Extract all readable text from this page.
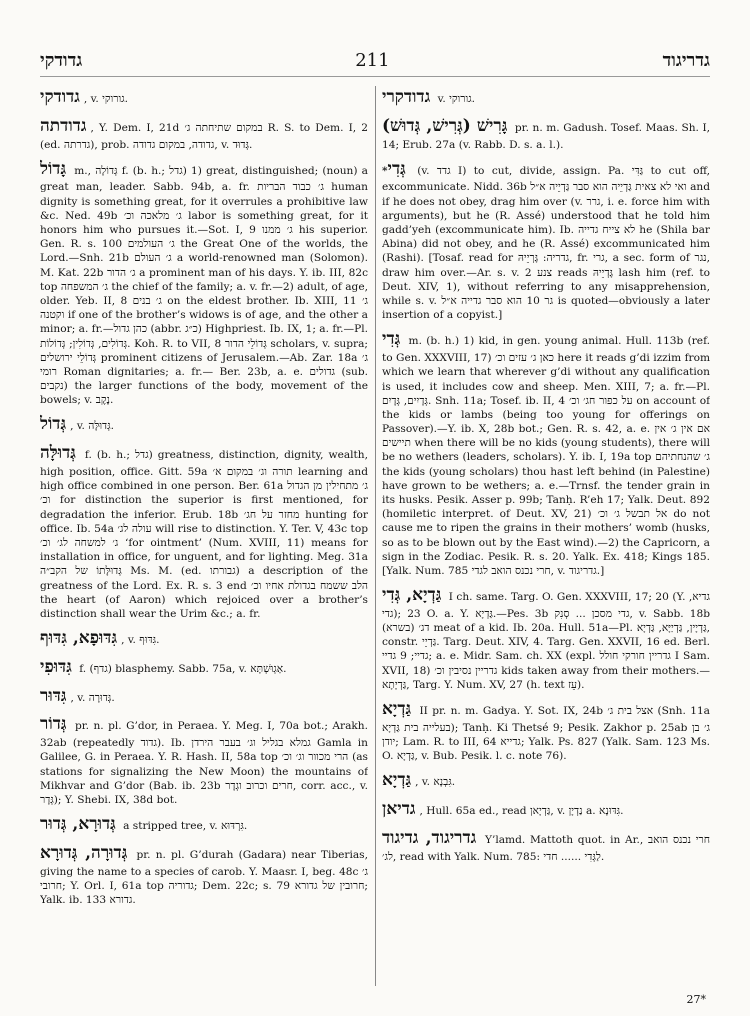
גדודקי	211	גדריגוד

גדודקי , v. גורוקי.

גדודתה , Y. Dem. I, 21d במקום שתיחתה ג׳ R. S. to Dem. I, 2 (ed. גדרתה), prob. גדודה, במקום גדודה, v. גְּדוּד.

גָּדוֹל m., גְּדוֹלָה f. (b. h.; גדל) 1) great, distinguished; (noun) a great man, leader. Sabb. 94b, a. fr. ג׳ כבוד הבריות human dignity is something great, for it overrules a prohibitive law &c. Ned. 49b ג׳ מלאכה וכ׳ labor is something great, for it honors him who pursues it.—Sot. I, 9 ג׳ ממנו his superior. Gen. R. s. 100 ג׳ העולמים the Great One of the worlds, the Lord.—Snh. 21b ג׳ העולם a world-renowned man (Solomon). M. Kat. 22b ג׳ הדור a prominent man of his days. Y. ib. III, 82c top ג׳ המשפחה the chief of the family; a. v. fr.—2) adult, of age, older. Yeb. II, 8 ג׳ בנים on the eldest brother. Ib. XIII, 11 ג׳ וקטנה if one of the brother’s widows is of age, and the other a minor; a. fr.—כהן גדול (abbr. כ״ג) Highpriest. Ib. IX, 1; a. fr.—Pl. גְּדוֹלִים, גְּדוֹלִין; גְּדוֹלוֹת. Koh. R. to VII, 8 גְּדוֹלֵי הדור scholars, v. supra; גְּדוֹלֵי ירושלים prominent citizens of Jerusalem.—Ab. Zar. 18a ג׳ רומי Roman dignitaries; a. fr.— Ber. 23b, a. e. גדולים (sub. נקבים) the larger functions of the body, movement of the bowels; v. נֶקֶב.

גְּדוֹל , v. גְּדוּלָּה.

גְּדוּלָּה f. (b. h.; גדל) greatness, distinction, dignity, wealth, high position, office. Gitt. 59a תורה וג׳ במקום א׳ learning and high office combined in one person. Ber. 61a ג׳ מתחילין מן הגדול וכ׳ for distinction the superior is first mentioned, for degradation the inferior. Erub. 18b מחזר על חג׳ hunting for office. Ib. 54a עולה לג׳ will rise to distinction. Y. Ter. V, 43c top ג׳ למשחה לג׳ וכ׳ ‘for ointment’ (Num. XVIII, 11) means for installation in office, for unguent, and for lighting. Meg. 31a גְּדוּלָּתוֹ של הקב״ה Ms. M. (ed. גבורתו) a description of the greatness of the Lord. Ex. R. s. 3 end הלב ששמח בגדולת אחיו וכ׳ the heart (of Aaron) which rejoiced over a brother’s distinction shall wear the Urim &c.; a. fr.

גִּדּוּפָא, גִּדּוּף , v. גִּדּוּף.

גִּדּוּפִי f. (גדף) blasphemy. Sabb. 75a, v. אַגְוּשְׁתָּא.

גִּדּוּר , v. גְּדוּרָה.

גְּדוֹר pr. n. pl. G’dor, in Peraea. Y. Meg. I, 70a bot.; Arakh. 32ab (repeatedly גדוד). Ib. גמלא בגליל וג׳ בעבר הירדן Gamla in Galilee, G. in Peraea. Y. R. Hash. II, 58a top הרי מכוור וג׳ וכ׳ (as stations for signalizing the New Moon) the mountains of Mikhvar and G’dor (Bab. ib. 23b חרים וכרוב וגְדָר, corr. acc., v. גְּדָר); Y. Shebi. IX, 38d bot.

גְּדוּרָא, גְּדוּר a stripped tree, v. גִּרְדּוּא.

גְּדוּרָה, גְּדוּרָא pr. n. pl. G’durah (Gadara) near Tiberias, giving the name to a species of carob. Y. Maasr. I, beg. 48c ג׳ חרובי; Y. Orl. I, 61a top גדוריה; Dem. 22c; s. 79 חרובין של גדורא; Yalk. ib. 133 גדורא.

גדודקרי v. גורוקי.

גָּרִישׁ (גְּרִישׁ, גְּדוּשׁ) pr. n. m. Gadush. Tosef. Maas. Sh. I, 14; Erub. 27a (v. Rabb. D. s. a. l.).

*גְּדִי (v. גדד I) to cut, divide, assign. Pa. גַּדִּי to cut off, excommunicate. Nidd. 36b ואי לא צאית גַּדְיֵיה הוא סבר גַּדְיֵיה א״ל and if he does not obey, drag him over (v. גרר, i. e. force him with arguments), but he (R. Assé) understood that he told him gadd’yeh (excommunicate him). Ib. לא צייח גדייה he (Shila bar Abina) did not obey, and he (R. Assé) excommunicated him (Rashi). [Tosaf. read for גדריה: גָּרְיֵיהּ, fr. גרי, a sec. form of נגר, draw him over.—Ar. s. v. צנע 2 reads גָּדְיֵיהּ lash him (ref. to Deut. XIV, 1), without referring to any misapprehension, while s. v. גר 10 הוא סבר גדייה א״ל is quoted—obviously a later insertion of a copyist.]

גְּדִי m. (b. h.) 1) kid, in gen. young animal. Hull. 113b (ref. to Gen. XXXVIII, 17) כאן ג׳ עזים וכ׳ here it reads g’di izzim from which we learn that wherever g’di without any qualification is used, it includes cow and sheep. Men. XIII, 7; a. fr.—Pl. גְּדָיִים, גְּדָיִם. Snh. 11a; Tosef. ib. II, 4 על כפור חג׳ וכ׳ on account of the kids or lambs (being too young for offerings on Passover).—Y. ib. X, 28b bot.; Gen. R. s. 42, a. e. אם אין ג׳ אין תיישים when there will be no kids (young students), there will be no wethers (leaders, scholars). Y. ib. I, 19a top ג׳ שהנחתיהם the kids (young scholars) thou hast left behind (in Palestine) have grown to be wethers; a. e.—Trnsf. the tender grain in its husks. Pesik. Asser p. 99b; Tanḥ. R’eh 17; Yalk. Deut. 892 (homiletic interpret. of Deut. XV, 21) אל תבשל ג׳ וכ׳ do not cause me to ripen the grains in their mothers’ womb (husks, so as to be blown out by the East wind).—2) the Capricorn, a sign in the Zodiac. Pesik. R. s. 20. Yalk. Ex. 418; Kings 185. [Yalk. Num. 785 חרי נכנס הואב לגדי, v. גדריגוד.]

גַּדְיָא, גְּדִי I ch. same. Targ. O. Gen. XXXVIII, 17; 20 (Y. גדיא, גדי); 23 O. a. Y. גַּדְיָא.—Pes. 3b גדי מסכן ... סְנִק, v. Sabb. 18b (בשרא) דג׳ meat of a kid. Ib. 20a. Hull. 51a—Pl. גַּדְיָין, גַּדְיַיָּא, גַּדְיָא, constr. גַּדְיֵי. Targ. Deut. XIV, 4. Targ. Gen. XXVII, 16 ed. Berl. גדיי; 9 גדיי; a. e. Midr. Sam. ch. XX (expl. גדריין חורקי חולל I Sam. XVII, 18) גדריין נסיבין וכ׳ kids taken away from their mothers.—גַּדְיָתָא, Targ. Y. Num. XV, 27 (h. text עֵז).

גַּדְיָא II pr. n. m. Gadya. Y. Sot. IX, 24b אצל בית ג׳ (Snh. 11a בעלייה בית גַּדְיָא); Tanḥ. Ki Thetsé 9; Pesik. Zakhor p. 25ab ג׳ בן יודן; Lam. R. to III, 64 גדייא; Yalk. Ps. 827 (Yalk. Sam. 123 Ms. O. גַּדְיָא, v. Bub. Pesik. l. c. note 76).

גַּדְיָא , v. גִּבְנָא.

גדיאן , Hull. 65a ed., read גַּדְיָאן, v. נַדְיָן a. גִּדּוּנָא.

גדריגוד, גדיגוד Y’lamd. Mattoth quot. in Ar., חרי נכנס הואב לג׳, read with Yalk. Num. 785: לַגְּדִי ...... חדי.

27*
